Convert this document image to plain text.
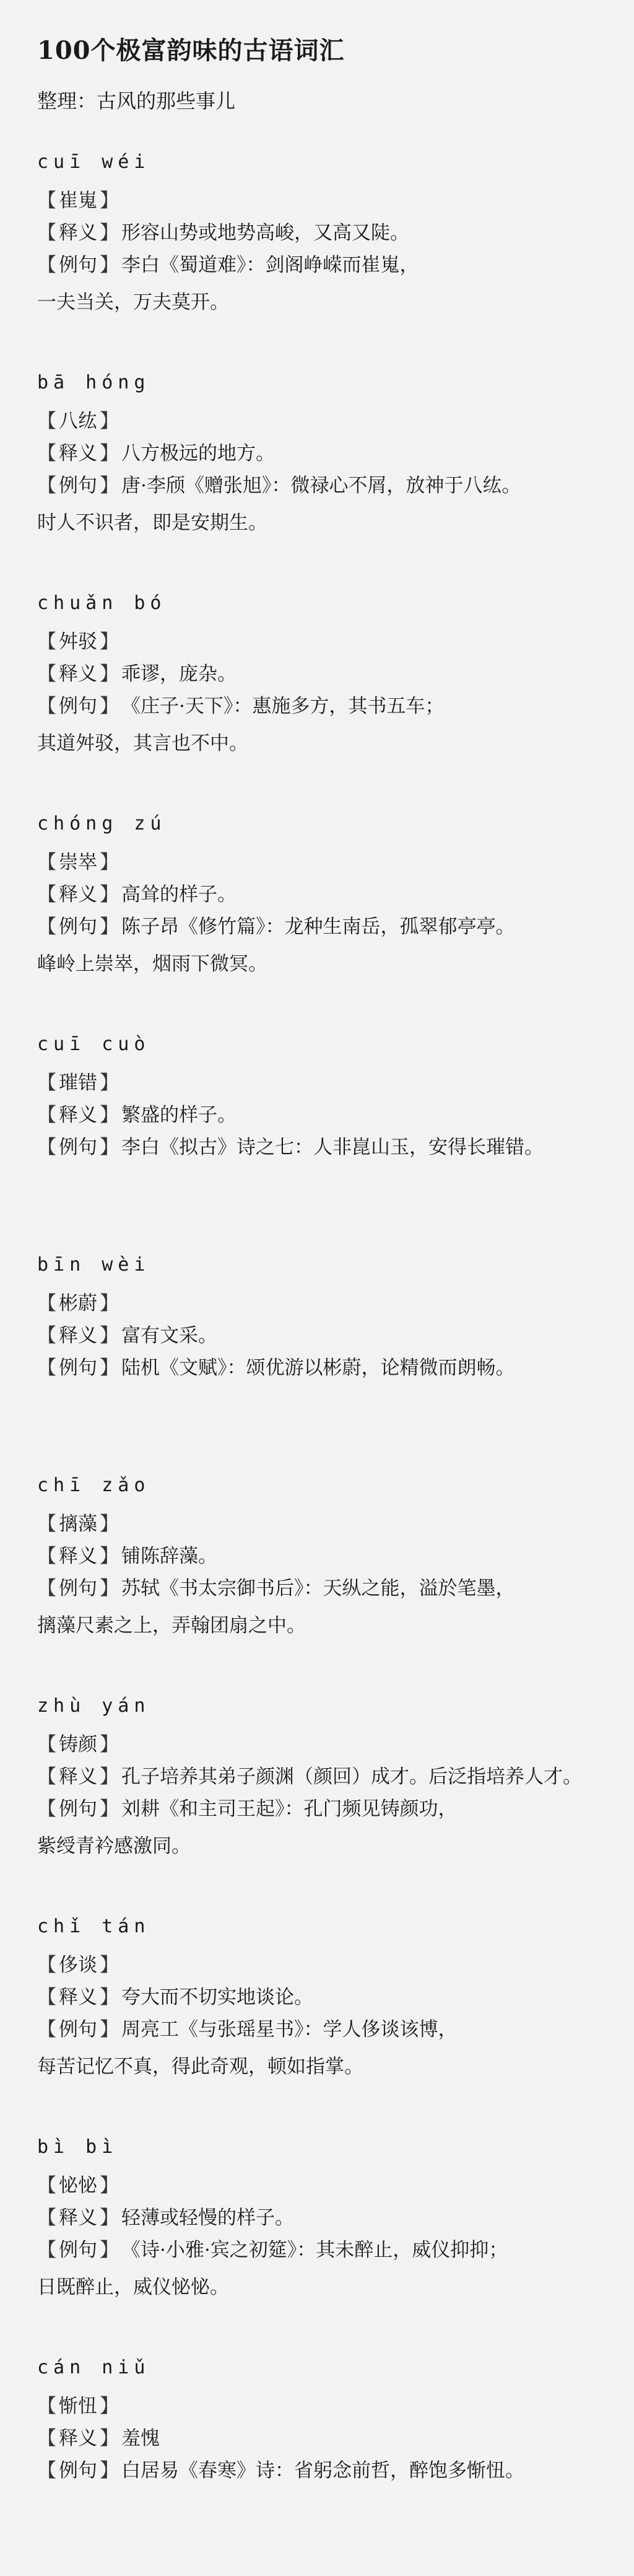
100个极富韵味的古语词汇
整理：古风的那些事儿
cuī wéi
【 崔嵬 】
【 释义 】 形容山势或地势高峻，又高又陡。
【 例句 】 李白《蜀道难》：剑阁峥嵘而崔嵬，
一夫当关，万夫莫开。
bā hóng
【 八纮 】
【 释义 】 八方极远的地方。
【 例句 】 唐·李颀《赠张旭》：微禄心不屑，放神于八纮。
时人不识者，即是安期生。
chuǎn bó
【 舛驳 】
【 释义 】 乖谬，庞杂。
【 例句 】 《庄子·天下》：惠施多方，其书五车；
其道舛驳，其言也不中。
chóng zú
【 崇崒 】
【 释义 】 高耸的样子。
【 例句 】 陈子昂《修竹篇》：龙种生南岳，孤翠郁亭亭。
峰岭上崇崒，烟雨下微冥。
cuī cuò
【 璀错 】
【 释义 】 繁盛的样子。
【 例句 】 李白《拟古》诗之七：人非崑山玉，安得长璀错。
bīn wèi
【 彬蔚 】
【 释义 】 富有文采。
【 例句 】 陆机《文赋》：颂优游以彬蔚，论精微而朗畅。
chī zǎo
【 摛藻 】
【 释义 】 铺陈辞藻。
【 例句 】 苏轼《书太宗御书后》：天纵之能，溢於笔墨，
摛藻尺素之上，弄翰团扇之中。
zhù yán
【 铸颜 】
【 释义 】 孔子培养其弟子颜渊（颜回）成才。后泛指培养人才。
【 例句 】 刘耕《和主司王起》：孔门频见铸颜功，
紫绶青衿感激同。
chǐ tán
【 侈谈 】
【 释义 】 夸大而不切实地谈论。
【 例句 】 周亮工《与张瑶星书》：学人侈谈该博，
每苦记忆不真，得此奇观，顿如指掌。
bì bì
【 怭怭 】
【 释义 】 轻薄或轻慢的样子。
【 例句 】 《诗·小雅·宾之初筵》：其未醉止，威仪抑抑；
日既醉止，威仪怭怭。
cán niǔ
【 惭忸 】
【 释义 】 羞愧
【 例句 】 白居易《春寒》诗：省躬念前哲，醉饱多惭忸。
